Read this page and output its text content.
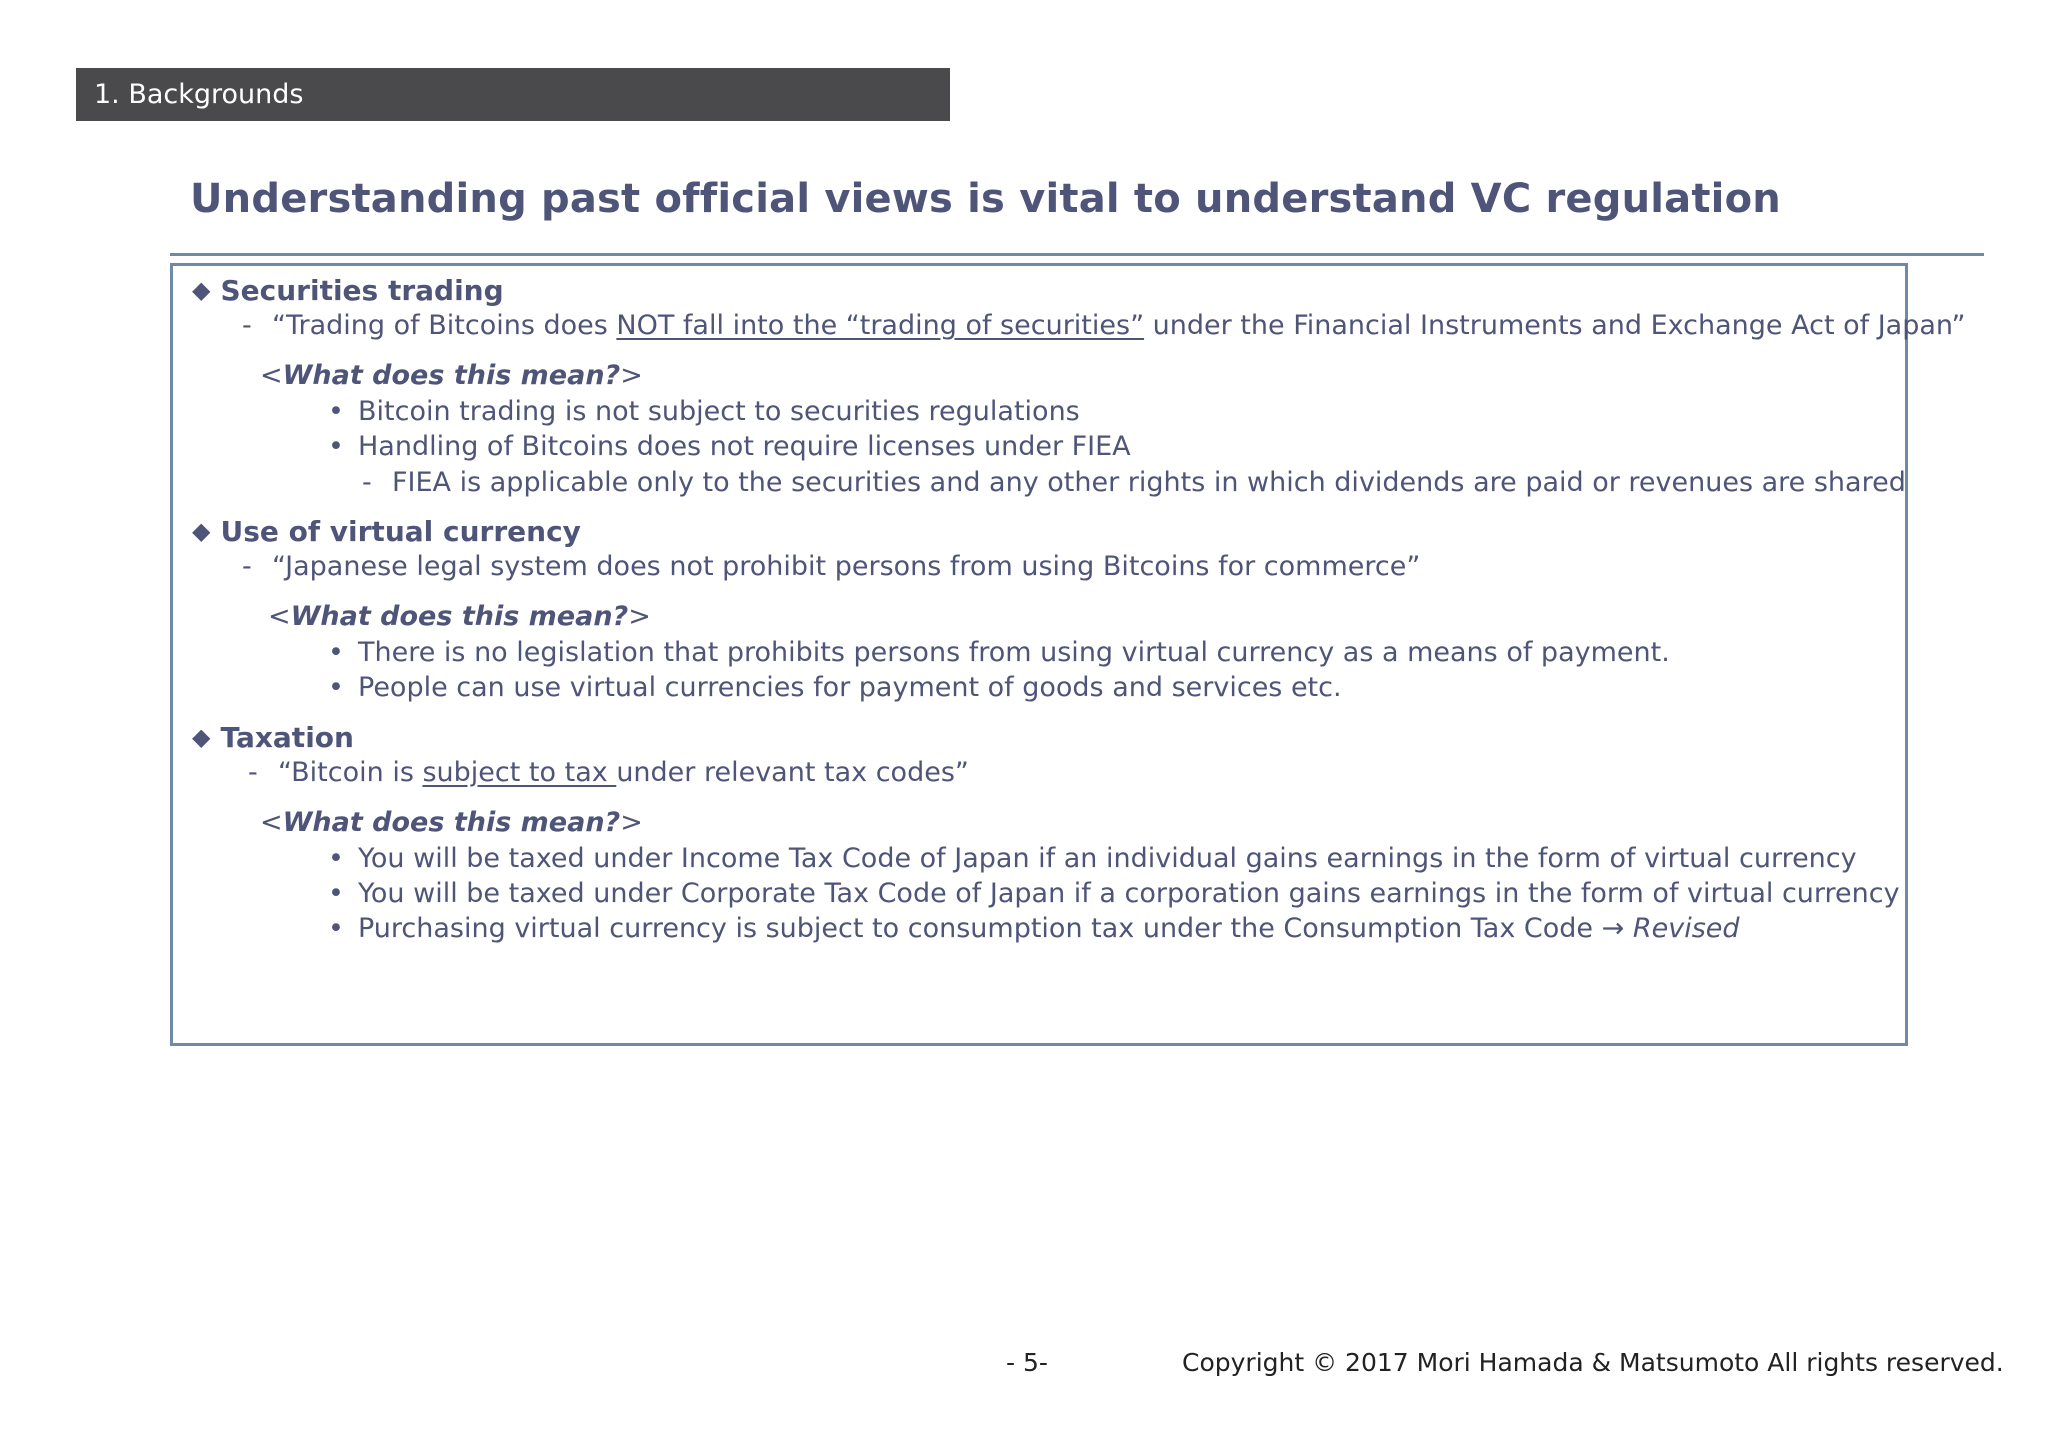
1. Backgrounds
Understanding past official views is vital to understand VC regulation
◆ Securities trading
- “Trading of Bitcoins does NOT fall into the “trading of securities” under the Financial Instruments and Exchange Act of Japan”
<What does this mean?>
• Bitcoin trading is not subject to securities regulations
• Handling of Bitcoins does not require licenses under FIEA
- FIEA is applicable only to the securities and any other rights in which dividends are paid or revenues are shared
◆ Use of virtual currency
- “Japanese legal system does not prohibit persons from using Bitcoins for commerce”
<What does this mean?>
• There is no legislation that prohibits persons from using virtual currency as a means of payment.
• People can use virtual currencies for payment of goods and services etc.
◆ Taxation
- “Bitcoin is subject to tax under relevant tax codes”
<What does this mean?>
• You will be taxed under Income Tax Code of Japan if an individual gains earnings in the form of virtual currency
• You will be taxed under Corporate Tax Code of Japan if a corporation gains earnings in the form of virtual currency
• Purchasing virtual currency is subject to consumption tax under the Consumption Tax Code → Revised
- 5-	Copyright © 2017 Mori Hamada & Matsumoto All rights reserved.
